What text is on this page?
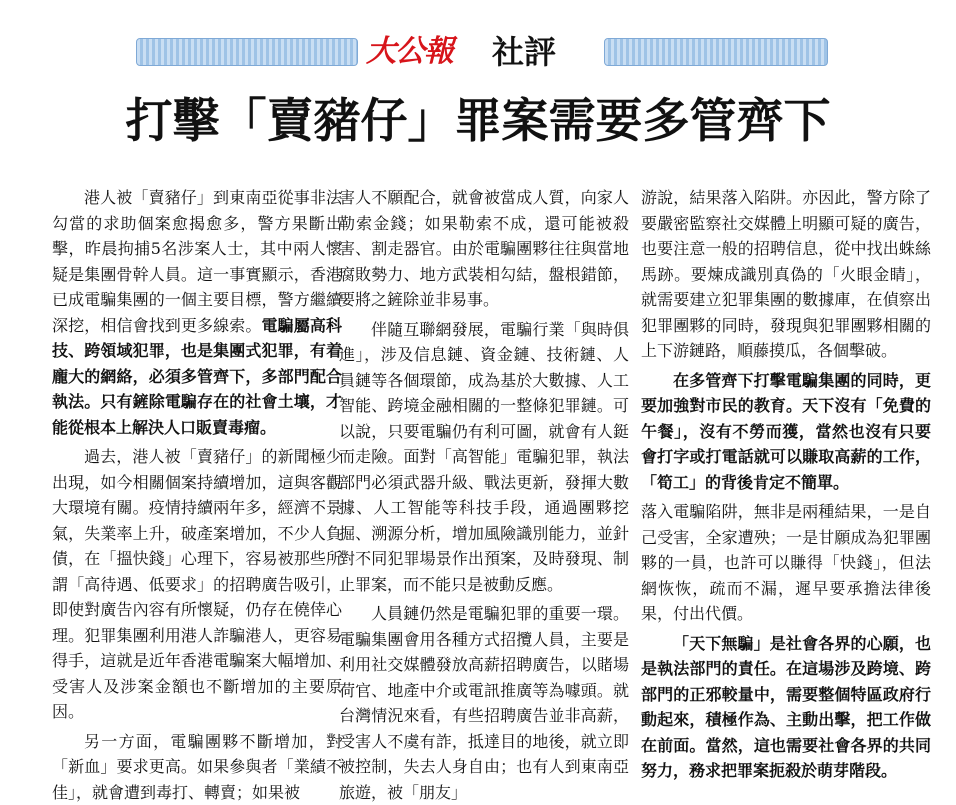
大公報	社評
打擊「賣豬仔」罪案需要多管齊下

港人被「賣豬仔」到東南亞從事非法勾當的求助個案愈揭愈多，警方果斷出擊，昨晨拘捕5名涉案人士，其中兩人懷疑是集團骨幹人員。這一事實顯示，香港已成電騙集團的一個主要目標，警方繼續深挖，相信會找到更多線索。電騙屬高科技、跨領域犯罪，也是集團式犯罪，有着龐大的網絡，必須多管齊下，多部門配合執法。只有鏟除電騙存在的社會土壤，才能從根本上解決人口販賣毒瘤。

過去，港人被「賣豬仔」的新聞極少出現，如今相關個案持續增加，這與客觀大環境有關。疫情持續兩年多，經濟不景氣，失業率上升，破產案增加，不少人負債，在「搵快錢」心理下，容易被那些所謂「高待遇、低要求」的招聘廣告吸引，即使對廣告內容有所懷疑，仍存在僥倖心理。犯罪集團利用港人詐騙港人，更容易得手，這就是近年香港電騙案大幅增加、受害人及涉案金額也不斷增加的主要原因。

另一方面，電騙團夥不斷增加，對「新血」要求更高。如果參與者「業績不佳」，就會遭到毒打、轉賣；如果被

害人不願配合，就會被當成人質，向家人勒索金錢；如果勒索不成，還可能被殺害、割走器官。由於電騙團夥往往與當地腐敗勢力、地方武裝相勾結，盤根錯節，要將之鏟除並非易事。

伴隨互聯網發展，電騙行業「與時俱進」，涉及信息鏈、資金鏈、技術鏈、人員鏈等各個環節，成為基於大數據、人工智能、跨境金融相關的一整條犯罪鏈。可以說，只要電騙仍有利可圖，就會有人鋌而走險。面對「高智能」電騙犯罪，執法部門必須武器升級、戰法更新，發揮大數據、人工智能等科技手段，通過團夥挖掘、溯源分析，增加風險識別能力，並針對不同犯罪場景作出預案，及時發現、制止罪案，而不能只是被動反應。

人員鏈仍然是電騙犯罪的重要一環。電騙集團會用各種方式招攬人員，主要是利用社交媒體發放高薪招聘廣告，以賭場荷官、地產中介或電訊推廣等為噱頭。就台灣情況來看，有些招聘廣告並非高薪，受害人不虞有詐，抵達目的地後，就立即被控制，失去人身自由；也有人到東南亞旅遊，被「朋友」

游說，結果落入陷阱。亦因此，警方除了要嚴密監察社交媒體上明顯可疑的廣告，也要注意一般的招聘信息，從中找出蛛絲馬跡。要煉成識別真偽的「火眼金睛」，就需要建立犯罪集團的數據庫，在偵察出犯罪團夥的同時，發現與犯罪團夥相關的上下游鏈路，順藤摸瓜，各個擊破。

在多管齊下打擊電騙集團的同時，更要加強對市民的教育。天下沒有「免費的午餐」，沒有不勞而獲，當然也沒有只要會打字或打電話就可以賺取高薪的工作，「筍工」的背後肯定不簡單。

落入電騙陷阱，無非是兩種結果，一是自己受害，全家遭殃；一是甘願成為犯罪團夥的一員，也許可以賺得「快錢」，但法網恢恢，疏而不漏，遲早要承擔法律後果，付出代價。

「天下無騙」是社會各界的心願，也是執法部門的責任。在這場涉及跨境、跨部門的正邪較量中，需要整個特區政府行動起來，積極作為、主動出擊，把工作做在前面。當然，這也需要社會各界的共同努力，務求把罪案扼殺於萌芽階段。
